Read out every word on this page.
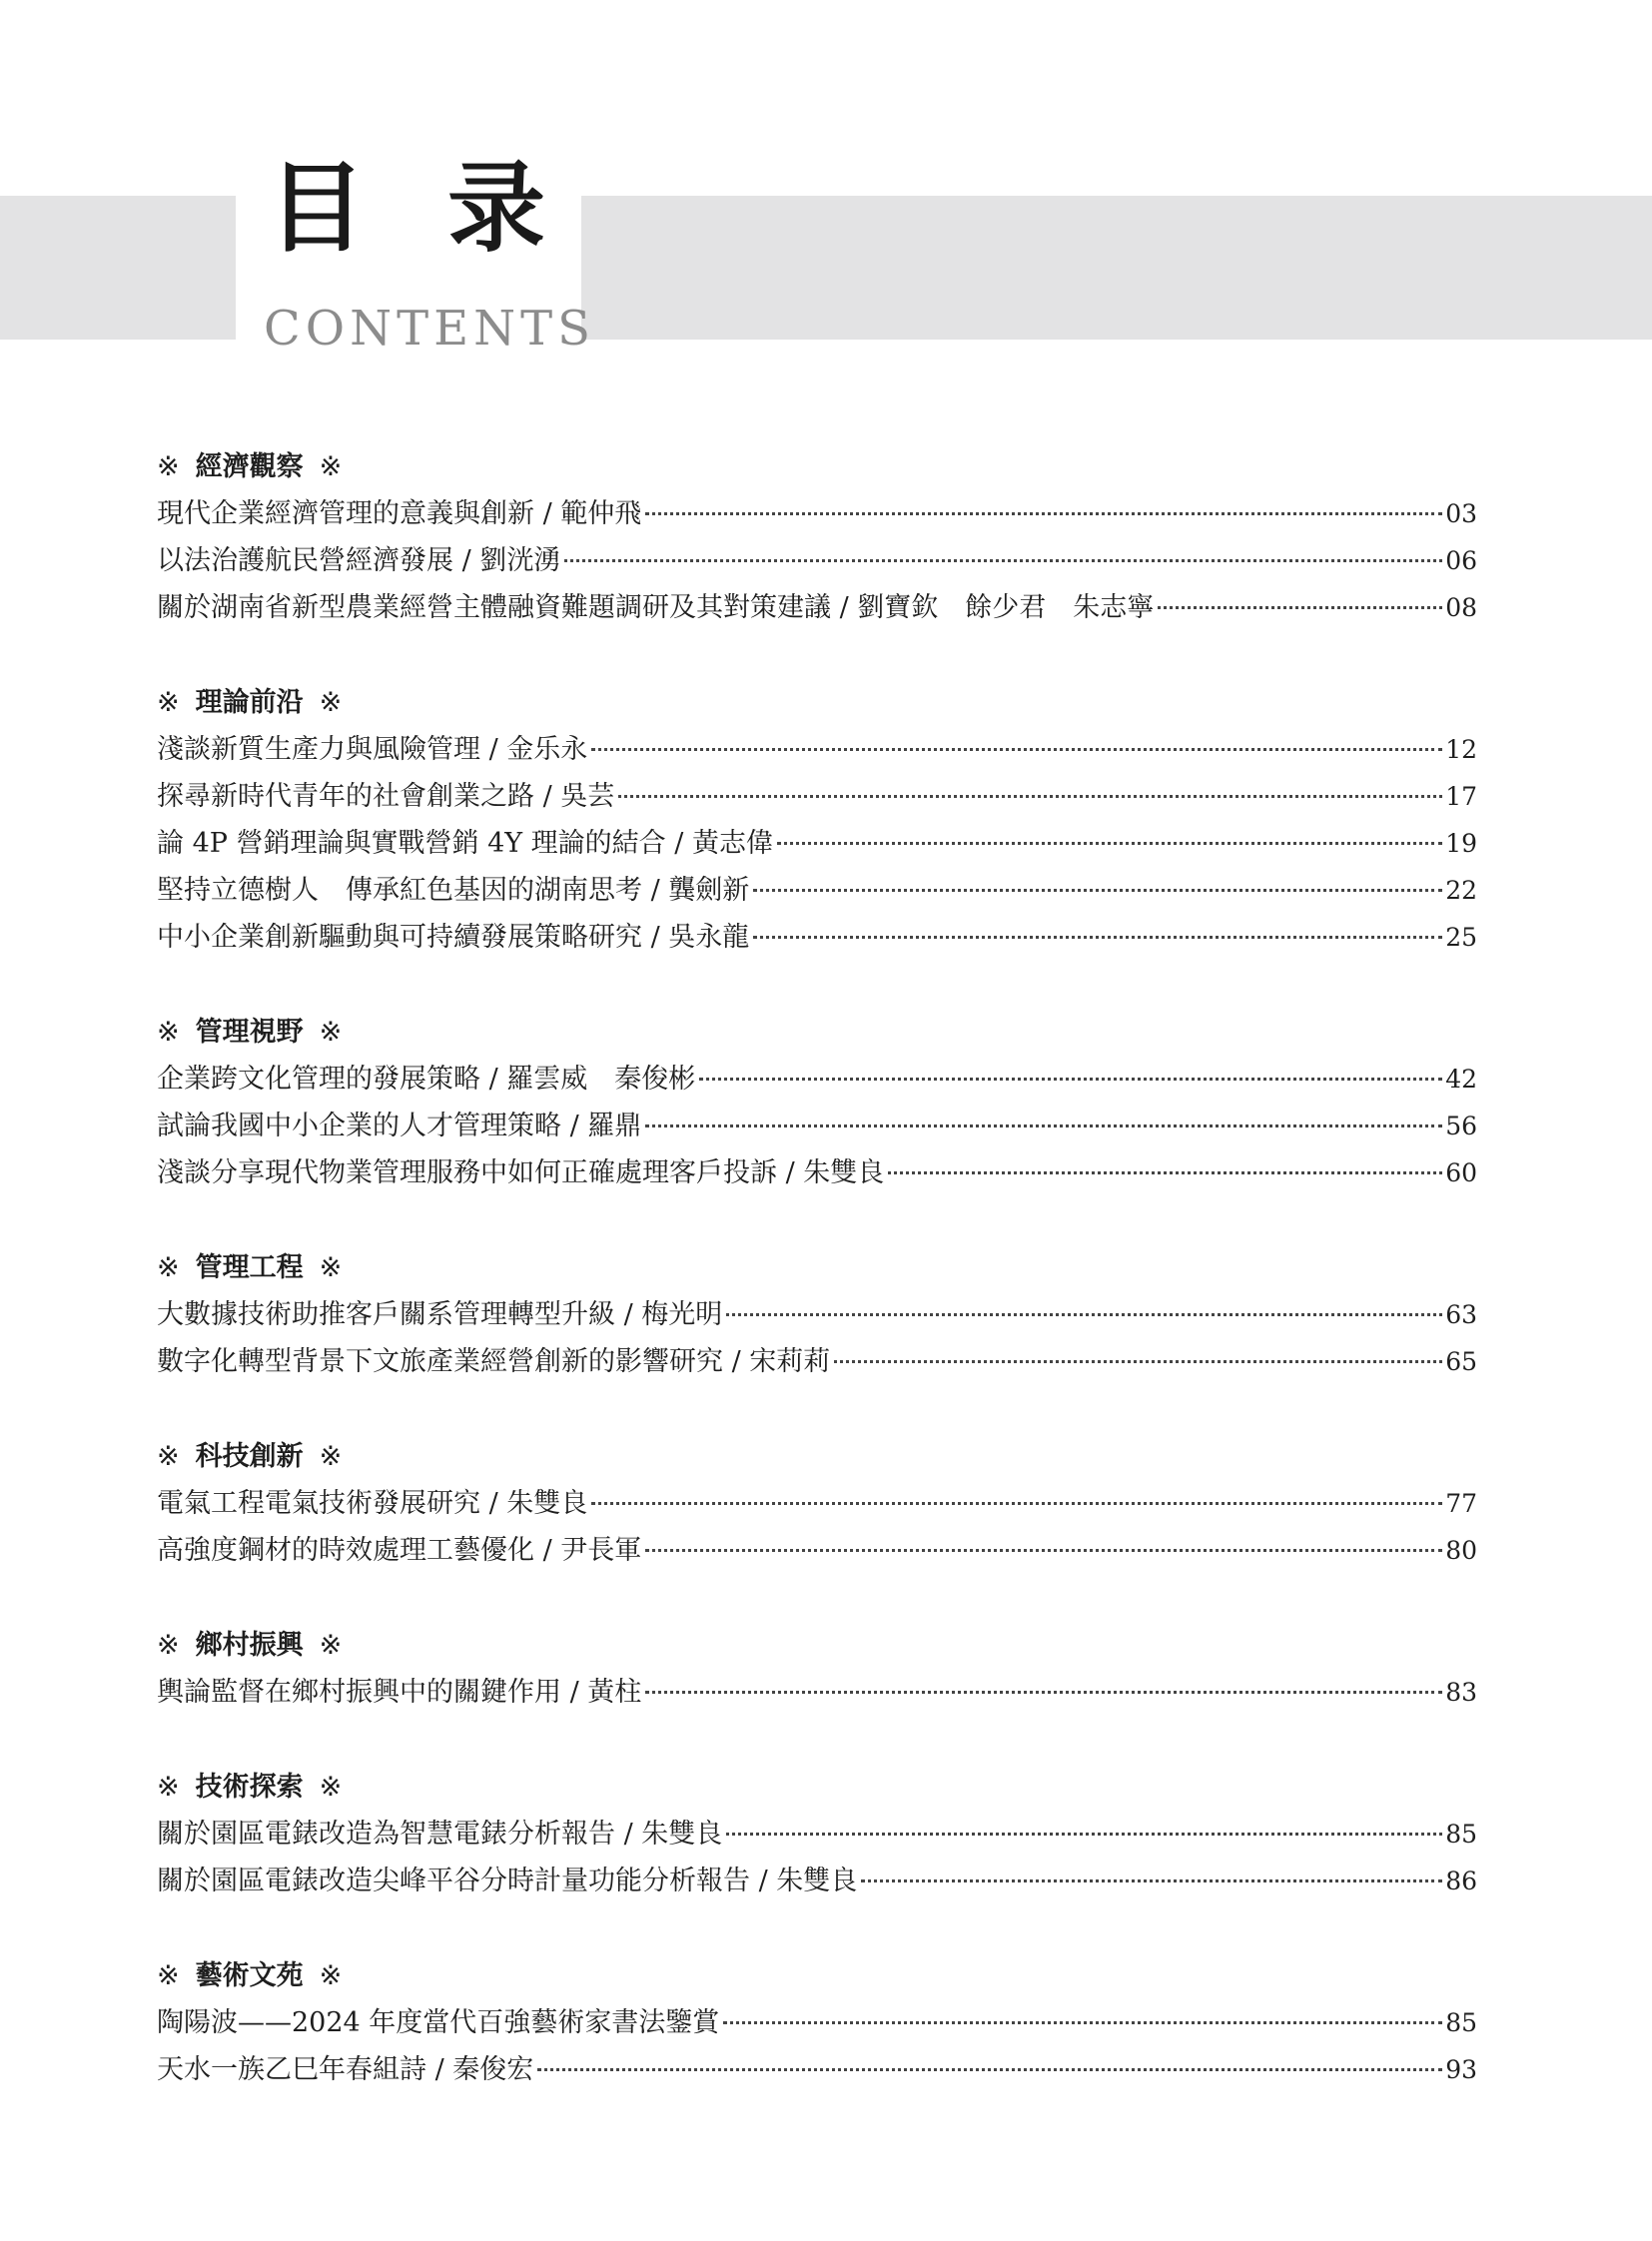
目录
CONTENTS
※ 經濟觀察 ※
現代企業經濟管理的意義與創新 / 範仲飛	03
以法治護航民營經濟發展 / 劉洸湧	06
關於湖南省新型農業經營主體融資難題調研及其對策建議 / 劉寶欽　餘少君　朱志寧	08
※ 理論前沿 ※
淺談新質生產力與風險管理 / 金乐永	12
探尋新時代青年的社會創業之路 / 吳芸	17
論 4P 營銷理論與實戰營銷 4Y 理論的結合 / 黃志偉	19
堅持立德樹人　傳承紅色基因的湖南思考 / 龔劍新	22
中小企業創新驅動與可持續發展策略研究 / 吳永龍	25
※ 管理視野 ※
企業跨文化管理的發展策略 / 羅雲威　秦俊彬	42
試論我國中小企業的人才管理策略 / 羅鼎	56
淺談分享現代物業管理服務中如何正確處理客戶投訴 / 朱雙良	60
※ 管理工程 ※
大數據技術助推客戶關系管理轉型升級 / 梅光明	63
數字化轉型背景下文旅產業經營創新的影響研究 / 宋莉莉	65
※ 科技創新 ※
電氣工程電氣技術發展研究 / 朱雙良	77
高強度鋼材的時效處理工藝優化 / 尹長軍	80
※ 鄉村振興 ※
輿論監督在鄉村振興中的關鍵作用 / 黃柱	83
※ 技術探索 ※
關於園區電錶改造為智慧電錶分析報告 / 朱雙良	85
關於園區電錶改造尖峰平谷分時計量功能分析報告 / 朱雙良	86
※ 藝術文苑 ※
陶陽波——2024 年度當代百強藝術家書法鑒賞	85
天水一族乙巳年春組詩 / 秦俊宏	93
